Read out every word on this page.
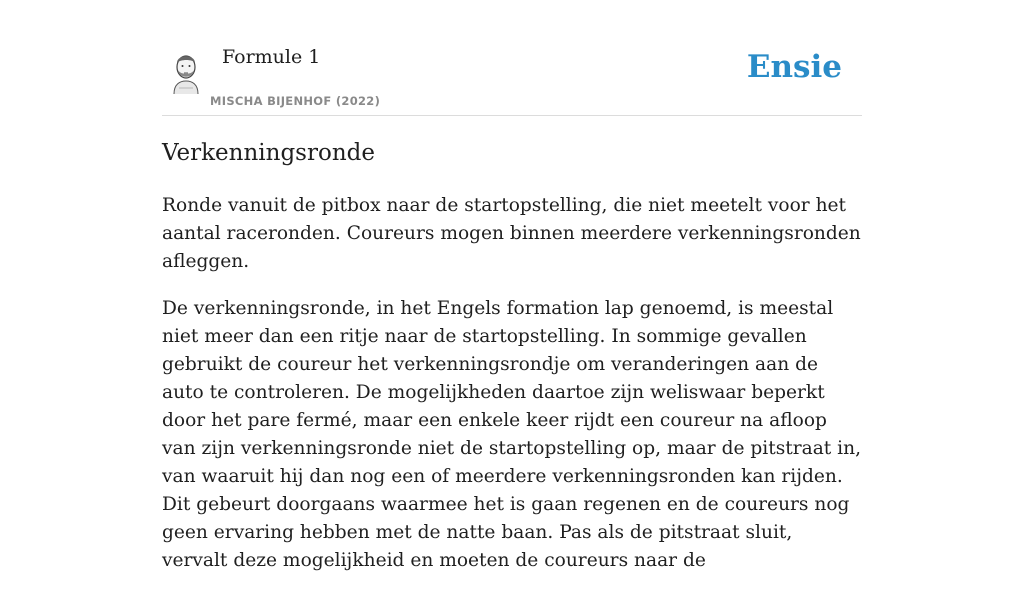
Formule 1
MISCHA BIJENHOF (2022)
Ensie
Verkenningsronde

Ronde vanuit de pitbox naar de startopstelling, die niet meetelt voor het aantal raceronden. Coureurs mogen binnen meerdere verkenningsronden afleggen.

De verkenningsronde, in het Engels formation lap genoemd, is meestal niet meer dan een ritje naar de startopstelling. In sommige gevallen gebruikt de coureur het verkenningsrondje om veranderingen aan de auto te controleren. De mogelijkheden daartoe zijn weliswaar beperkt door het pare fermé, maar een enkele keer rijdt een coureur na afloop van zijn verkenningsronde niet de startopstelling op, maar de pitstraat in, van waaruit hij dan nog een of meerdere verkenningsronden kan rijden. Dit gebeurt doorgaans waarmee het is gaan regenen en de coureurs nog geen ervaring hebben met de natte baan. Pas als de pitstraat sluit, vervalt deze mogelijkheid en moeten de coureurs naar de
